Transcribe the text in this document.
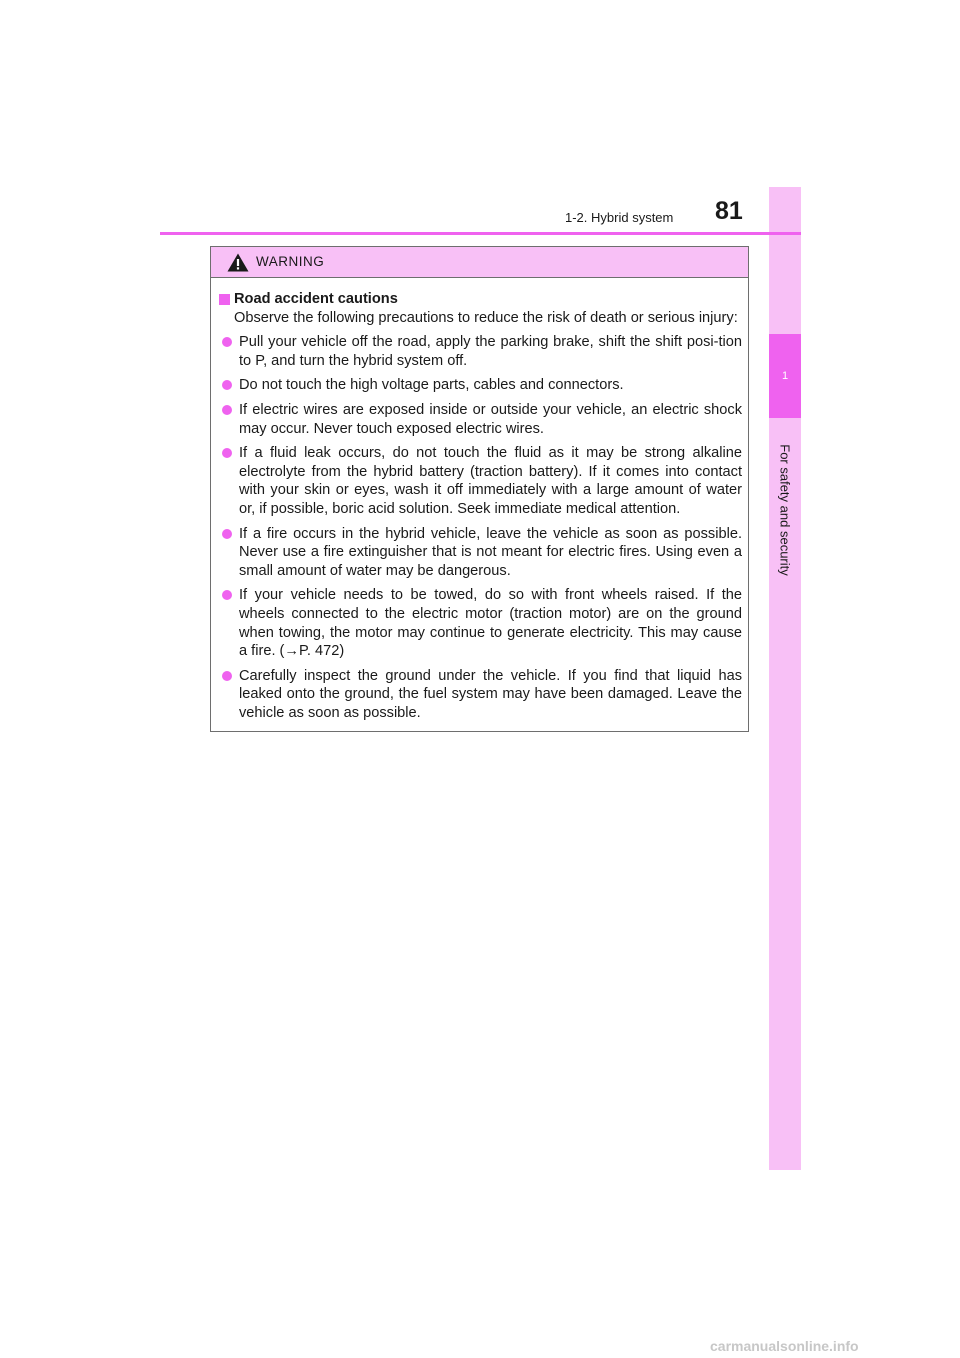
1
For safety and security
1-2. Hybrid system 81
WARNING
Road accident cautions
Observe the following precautions to reduce the risk of death or serious injury:
Pull your vehicle off the road, apply the parking brake, shift the shift posi-tion to P, and turn the hybrid system off.
Do not touch the high voltage parts, cables and connectors.
If electric wires are exposed inside or outside your vehicle, an electric shock may occur. Never touch exposed electric wires.
If a fluid leak occurs, do not touch the fluid as it may be strong alkaline electrolyte from the hybrid battery (traction battery). If it comes into contact with your skin or eyes, wash it off immediately with a large amount of water or, if possible, boric acid solution. Seek immediate medical attention.
If a fire occurs in the hybrid vehicle, leave the vehicle as soon as possible. Never use a fire extinguisher that is not meant for electric fires. Using even a small amount of water may be dangerous.
If your vehicle needs to be towed, do so with front wheels raised. If the wheels connected to the electric motor (traction motor) are on the ground when towing, the motor may continue to generate electricity. This may cause a fire. (→P. 472)
Carefully inspect the ground under the vehicle. If you find that liquid has leaked onto the ground, the fuel system may have been damaged. Leave the vehicle as soon as possible.
carmanualsonline.info
